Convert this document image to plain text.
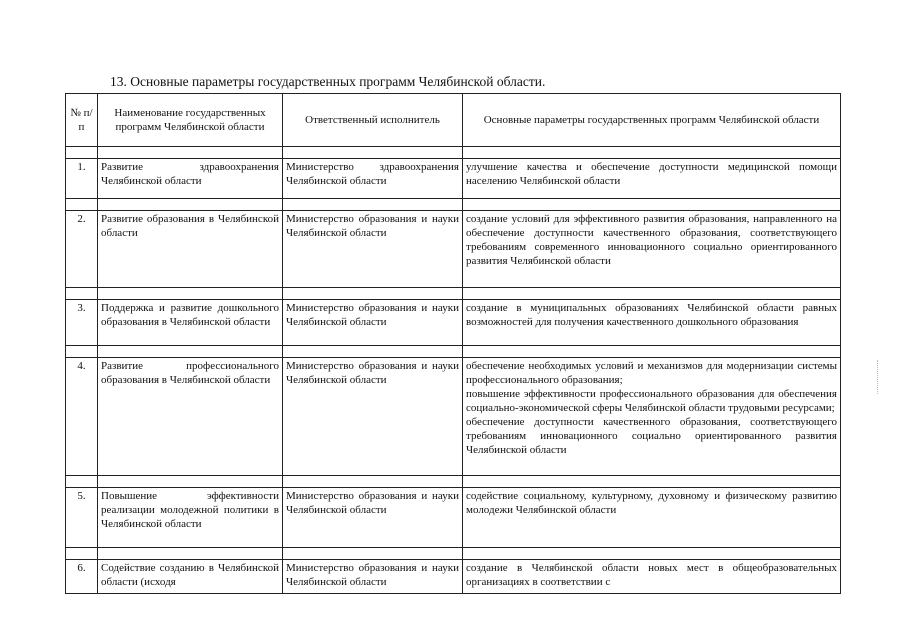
13. Основные параметры государственных программ Челябинской области.
№ п/п	Наименование государственных программ Челябинской области	Ответственный исполнитель	Основные параметры государственных программ Челябинской области

1.	Развитие здравоохранения Челябинской области	Министерство здравоохранения Челябинской области	улучшение качества и обеспечение доступности медицинской помощи населению Челябинской области

2.	Развитие образования в Челябинской области	Министерство образования и науки Челябинской области	создание условий для эффективного развития образования, направленного на обеспечение доступности качественного образования, соответствующего требованиям современного инновационного социально ориентированного развития Челябинской области

3.	Поддержка и развитие дошкольного образования в Челябинской области	Министерство образования и науки Челябинской области	создание в муниципальных образованиях Челябинской области равных возможностей для получения качественного дошкольного образования

4.	Развитие профессионального образования в Челябинской области	Министерство образования и науки Челябинской области	обеспечение необходимых условий и механизмов для модернизации системы профессионального образования;
повышение эффективности профессионального образования для обеспечения социально-экономической сферы Челябинской области трудовыми ресурсами;
обеспечение доступности качественного образования, соответствующего требованиям инновационного социально ориентированного развития Челябинской области

5.	Повышение эффективности реализации молодежной политики в Челябинской области	Министерство образования и науки Челябинской области	содействие социальному, культурному, духовному и физическому развитию молодежи Челябинской области

6.	Содействие созданию в Челябинской области (исходя	Министерство образования и науки Челябинской области	создание в Челябинской области новых мест в общеобразовательных организациях в соответствии с
